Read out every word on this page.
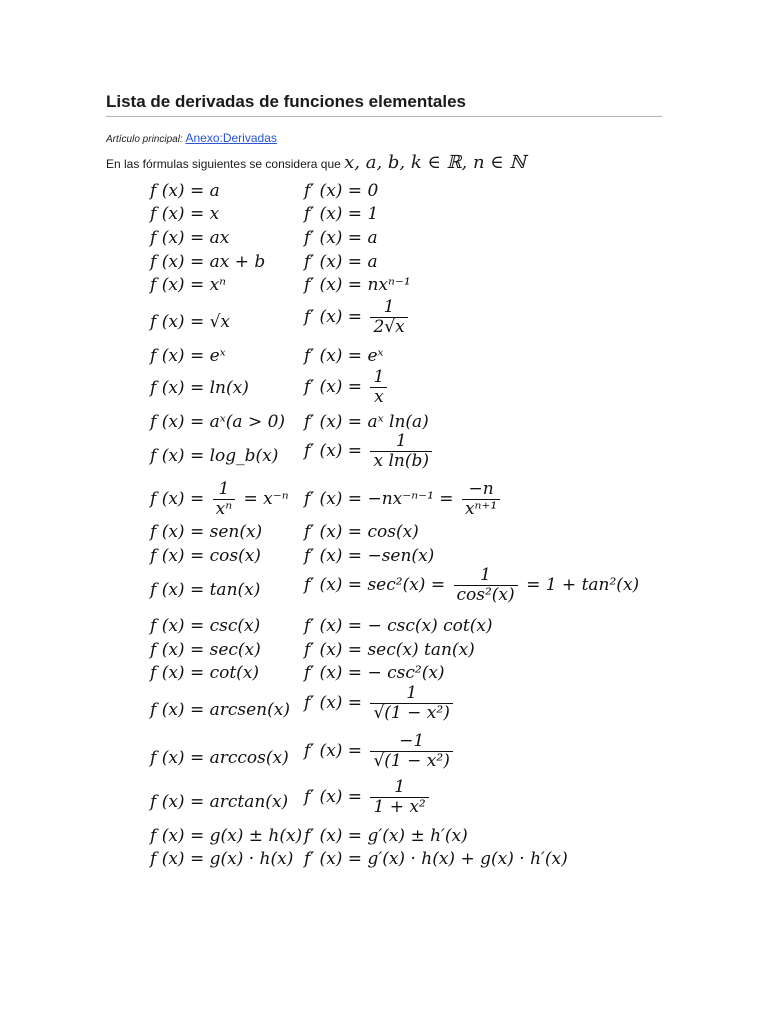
Lista de derivadas de funciones elementales
Artículo principal: Anexo:Derivadas
En las fórmulas siguientes se considera que x, a, b, k ∈ ℝ, n ∈ ℕ
f (x) = a	f′ (x) = 0
f (x) = x	f′ (x) = 1
f (x) = ax	f′ (x) = a
f (x) = ax + b f′ (x) = a
f (x) = xⁿ	f′ (x) = nxⁿ⁻¹
f (x) = √x	f′ $(x) = \frac{1}{2√x}$
f (x) = eˣ	f′ (x) = eˣ
f (x) = ln(x)	f′ $(x) = \frac{1}{x}$
f (x) = aˣ(a > 0) f′ (x) = aˣ ln(a)
f (x) = log_b(x) f′ $(x) = \frac{1}{\text{x ln(b)}}$
f $(x) = \frac{1}{\text{xⁿ}} = x^{-n}$ f′ $(x) = -nx^{-n-1} = \frac{-n}{\text{xⁿ⁺¹}}$
f (x) = sen(x) f′ (x) = cos(x)
f (x) = cos(x)	f′ (x) = −sen(x)
f (x) = tan(x)	f′ $(x) = \sec^2(x) = \frac{1}{\text{cos²(x)}} = 1 + \tan^2(x)$
f (x) = csc(x)	f′ (x) = − csc(x) cot(x)
f (x) = sec(x)	f′ (x) = sec(x) tan(x)
f (x) = cot(x)	f′ (x) = − csc²(x)
f (x) = arcsen(x) f′ $(x) = \frac{1}{\text{√(1 − x²)}}$
f (x) = arccos(x) f′ $(x) = \frac{-1}{\text{√(1 − x²)}}$
f (x) = arctan(x) f′ $(x) = \frac{1}{\text{1 + x²}}$
f (x) = g(x) ± h(x) f′ (x) = g′(x) ± h′(x)
f (x) = g(x) · h(x) f′ (x) = g′(x) · h(x) + g(x) · h′(x)
